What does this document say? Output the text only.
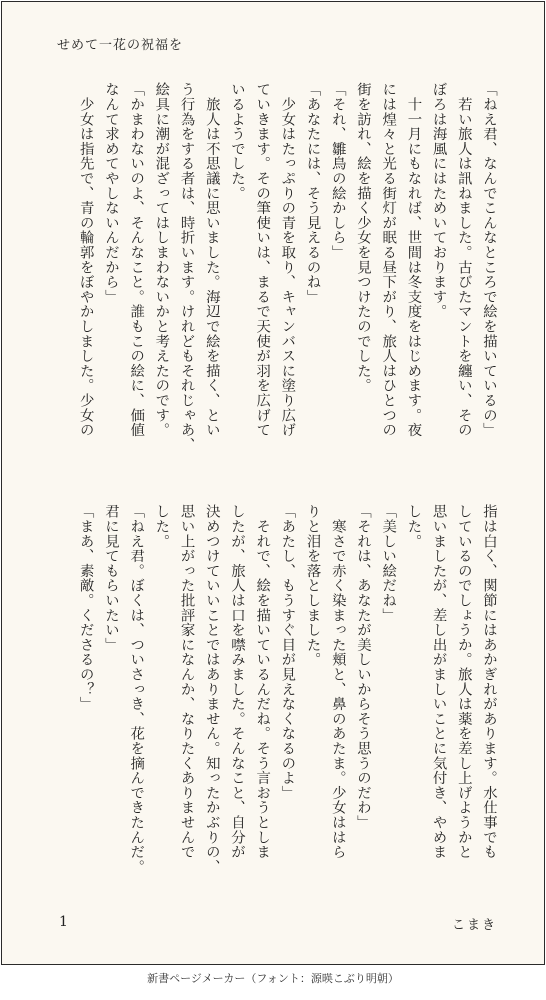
せめて一花の祝福を

「ねえ君、なんでこんなところで絵を描いているの」

　若い旅人は訊ねました。古びたマントを纏い、その

ぼろは海風にはためいております。

　十一月にもなれば、世間は冬支度をはじめます。夜

には煌々と光る街灯が眠る昼下がり、旅人はひとつの

街を訪れ、絵を描く少女を見つけたのでした。

「それ、雛鳥の絵かしら」

「あなたには、そう見えるのね」

　少女はたっぷりの青を取り、キャンバスに塗り広げ

ていきます。その筆使いは、まるで天使が羽を広げて

いるようでした。

　旅人は不思議に思いました。海辺で絵を描く、とい

う行為をする者は、時折います。けれどもそれじゃあ、

絵具に潮が混ざってはしまわないかと考えたのです。

「かまわないのよ、そんなこと。誰もこの絵に、価値

なんて求めてやしないんだから」

　少女は指先で、青の輪郭をぼやかしました。少女の

指は白く、関節にはあかぎれがあります。水仕事でも

しているのでしょうか。旅人は薬を差し上げようかと

思いましたが、差し出がましいことに気付き、やめま

した。

「美しい絵だね」

「それは、あなたが美しいからそう思うのだわ」

　寒さで赤く染まった頬と、鼻のあたま。少女ははら

りと泪を落としました。

「あたし、もうすぐ目が見えなくなるのよ」

　それで、絵を描いているんだね。そう言おうとしま

したが、旅人は口を噤みました。そんなこと、自分が

決めつけていいことではありません。知ったかぶりの、

思い上がった批評家になんか、なりたくありませんで

した。

「ねえ君。ぼくは、ついさっき、花を摘んできたんだ。

君に見てもらいたい」

「まあ、素敵。くださるの？」

1	こまき
新書ページメーカー（フォント：源暎こぶり明朝）
